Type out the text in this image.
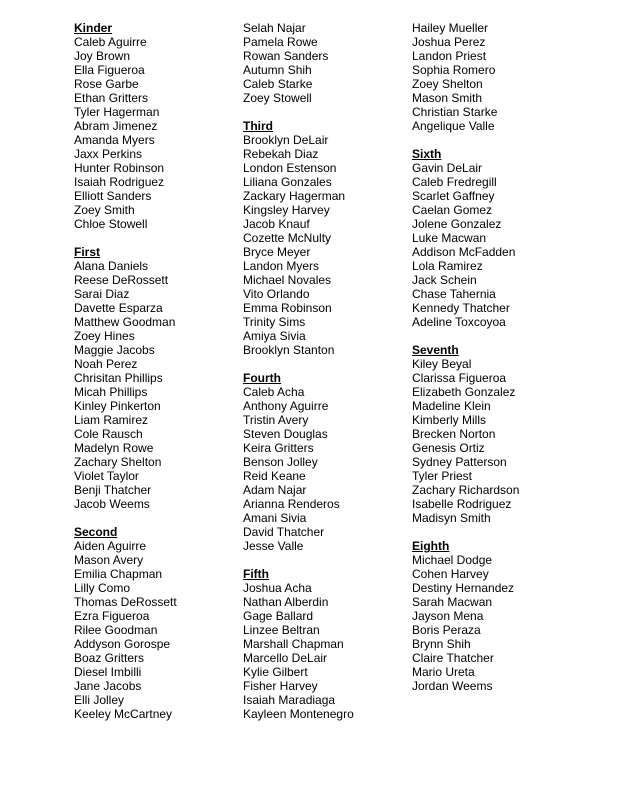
Kinder
Caleb Aguirre
Joy Brown
Ella Figueroa
Rose Garbe
Ethan Gritters
Tyler Hagerman
Abram Jimenez
Amanda Myers
Jaxx Perkins
Hunter Robinson
Isaiah Rodriguez
Elliott Sanders
Zoey Smith
Chloe Stowell
First
Alana Daniels
Reese DeRossett
Sarai Diaz
Davette Esparza
Matthew Goodman
Zoey Hines
Maggie Jacobs
Noah Perez
Chrisitan Phillips
Micah Phillips
Kinley Pinkerton
Liam Ramirez
Cole Rausch
Madelyn Rowe
Zachary Shelton
Violet Taylor
Benji Thatcher
Jacob Weems
Second
Aiden Aguirre
Mason Avery
Emilia Chapman
Lilly Como
Thomas DeRossett
Ezra Figueroa
Rilee Goodman
Addyson Gorospe
Boaz Gritters
Diesel Imbilli
Jane Jacobs
Elli Jolley
Keeley McCartney
Selah Najar
Pamela Rowe
Rowan Sanders
Autumn Shih
Caleb Starke
Zoey Stowell
Third
Brooklyn DeLair
Rebekah Diaz
London Estenson
Liliana Gonzales
Zackary Hagerman
Kingsley Harvey
Jacob Knauf
Cozette McNulty
Bryce Meyer
Landon Myers
Michael Novales
Vito Orlando
Emma Robinson
Trinity Sims
Amiya Sivia
Brooklyn Stanton
Fourth
Caleb Acha
Anthony Aguirre
Tristin Avery
Steven Douglas
Keira Gritters
Benson Jolley
Reid Keane
Adam Najar
Arianna Renderos
Amani Sivia
David Thatcher
Jesse Valle
Fifth
Joshua Acha
Nathan Alberdin
Gage Ballard
Linzee Beltran
Marshall Chapman
Marcello DeLair
Kylie Gilbert
Fisher Harvey
Isaiah Maradiaga
Kayleen Montenegro
Hailey Mueller
Joshua Perez
Landon Priest
Sophia Romero
Zoey Shelton
Mason Smith
Christian Starke
Angelique Valle
Sixth
Gavin DeLair
Caleb Fredregill
Scarlet Gaffney
Caelan Gomez
Jolene Gonzalez
Luke Macwan
Addison McFadden
Lola Ramirez
Jack Schein
Chase Tahernia
Kennedy Thatcher
Adeline Toxcoyoa
Seventh
Kiley Beyal
Clarissa Figueroa
Elizabeth Gonzalez
Madeline Klein
Kimberly Mills
Brecken Norton
Genesis Ortiz
Sydney Patterson
Tyler Priest
Zachary Richardson
Isabelle Rodriguez
Madisyn Smith
Eighth
Michael Dodge
Cohen Harvey
Destiny Hernandez
Sarah Macwan
Jayson Mena
Boris Peraza
Brynn Shih
Claire Thatcher
Mario Ureta
Jordan Weems
